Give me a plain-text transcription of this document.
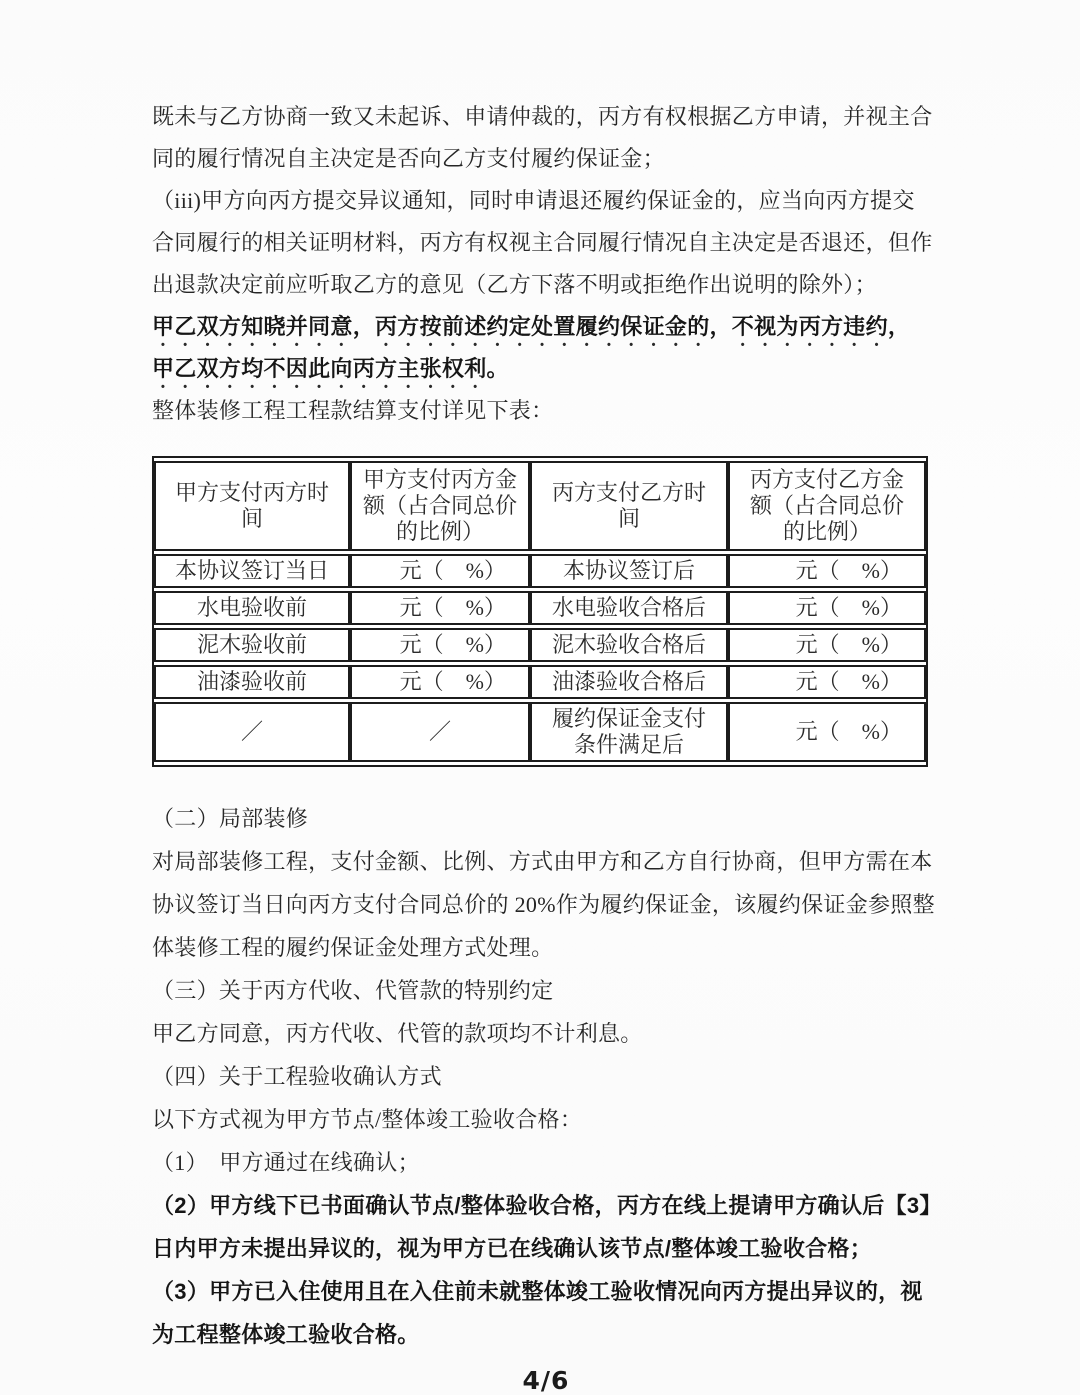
既未与乙方协商一致又未起诉、申请仲裁的，丙方有权根据乙方申请，并视主合
同的履行情况自主决定是否向乙方支付履约保证金；
（iii)甲方向丙方提交异议通知，同时申请退还履约保证金的，应当向丙方提交
合同履行的相关证明材料，丙方有权视主合同履行情况自主决定是否退还，但作
出退款决定前应听取乙方的意见（乙方下落不明或拒绝作出说明的除外）；
甲乙双方知晓并同意，丙方按前述约定处置履约保证金的，不视为丙方违约，
甲乙双方均不因此向丙方主张权利。
整体装修工程工程款结算支付详见下表：
甲方支付丙方时间	甲方支付丙方金额（占合同总价的比例）	丙方支付乙方时间	丙方支付乙方金额（占合同总价的比例）
本协议签订当日	元（　%）	本协议签订后	元（　%）
水电验收前	元（　%）	水电验收合格后	元（　%）
泥木验收前	元（　%）	泥木验收合格后	元（　%）
油漆验收前	元（　%）	油漆验收合格后	元（　%）
／	／	履约保证金支付条件满足后	元（　%）
（二）局部装修
对局部装修工程，支付金额、比例、方式由甲方和乙方自行协商，但甲方需在本
协议签订当日向丙方支付合同总价的 20%作为履约保证金，该履约保证金参照整
体装修工程的履约保证金处理方式处理。
（三）关于丙方代收、代管款的特别约定
甲乙方同意，丙方代收、代管的款项均不计利息。
（四）关于工程验收确认方式
以下方式视为甲方节点/整体竣工验收合格：
（1）　甲方通过在线确认；
（2）甲方线下已书面确认节点/整体验收合格，丙方在线上提请甲方确认后【3】
日内甲方未提出异议的，视为甲方已在线确认该节点/整体竣工验收合格；
（3）甲方已入住使用且在入住前未就整体竣工验收情况向丙方提出异议的，视
为工程整体竣工验收合格。
4/6
